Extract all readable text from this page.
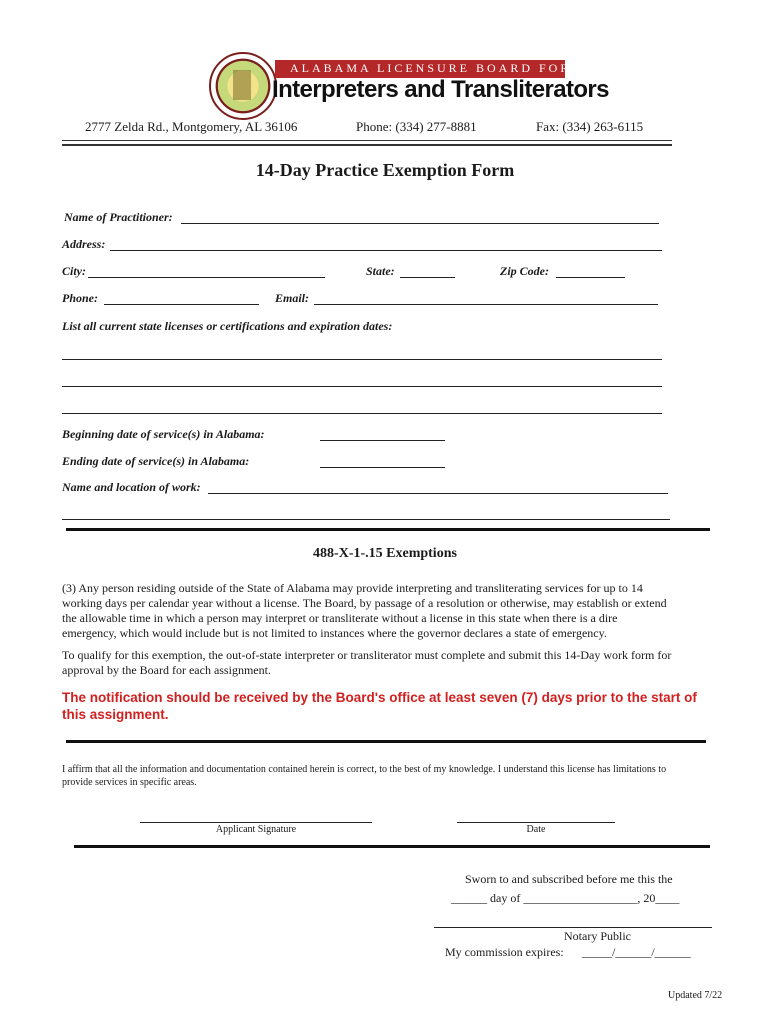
ALABAMA LICENSURE BOARD FOR
Interpreters and Transliterators
2777 Zelda Rd., Montgomery, AL 36106	Phone: (334) 277-8881	Fax: (334) 263-6115
14-Day Practice Exemption Form
Name of Practitioner:
Address:
City:	State:	Zip Code:
Phone:	Email:
List all current state licenses or certifications and expiration dates:
Beginning date of service(s) in Alabama:
Ending date of service(s) in Alabama:
Name and location of work:
488-X-1-.15 Exemptions
(3) Any person residing outside of the State of Alabama may provide interpreting and transliterating services for up to 14 working days per calendar year without a license. The Board, by passage of a resolution or otherwise, may establish or extend the allowable time in which a person may interpret or transliterate without a license in this state when there is a dire emergency, which would include but is not limited to instances where the governor declares a state of emergency.
To qualify for this exemption, the out-of-state interpreter or transliterator must complete and submit this 14-Day work form for approval by the Board for each assignment.
The notification should be received by the Board's office at least seven (7) days prior to the start of this assignment.
I affirm that all the information and documentation contained herein is correct, to the best of my knowledge. I understand this license has limitations to provide services in specific areas.
Applicant Signature	Date
Sworn to and subscribed before me this the
______ day of ___________________, 20____
Notary Public
My commission expires: _____/______/______
Updated 7/22
